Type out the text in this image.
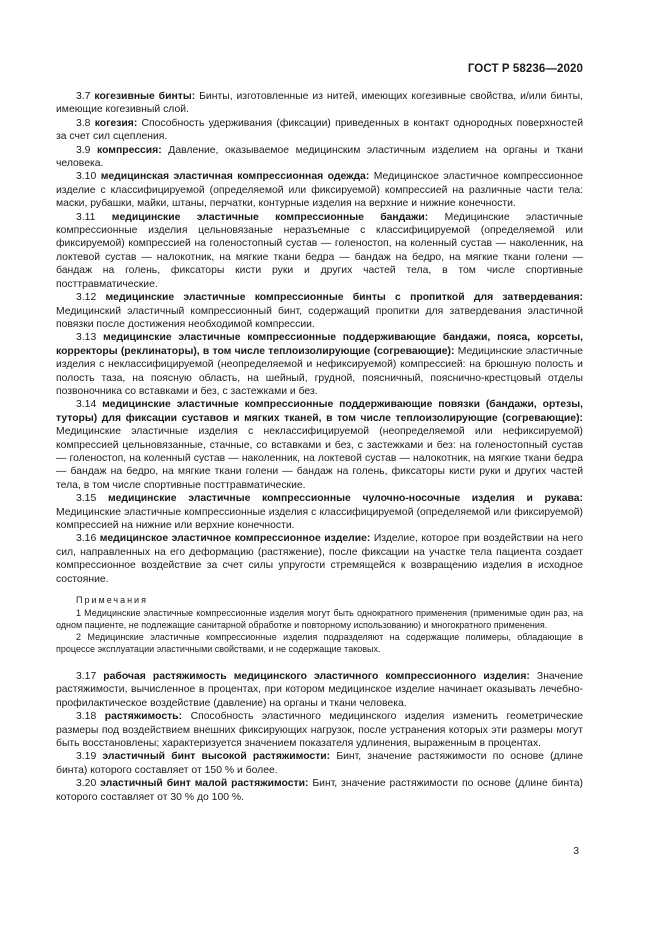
ГОСТ Р 58236—2020

3.7 когезивные бинты: Бинты, изготовленные из нитей, имеющих когезивные свойства, и/или бинты, имеющие когезивный слой.

3.8 когезия: Способность удерживания (фиксации) приведенных в контакт однородных поверхностей за счет сил сцепления.

3.9 компрессия: Давление, оказываемое медицинским эластичным изделием на органы и ткани человека.

3.10 медицинская эластичная компрессионная одежда: Медицинское эластичное компрессионное изделие с классифицируемой (определяемой или фиксируемой) компрессией на различные части тела: маски, рубашки, майки, штаны, перчатки, контурные изделия на верхние и нижние конечности.

3.11 медицинские эластичные компрессионные бандажи: Медицинские эластичные компрессионные изделия цельновязаные неразъемные с классифицируемой (определяемой или фиксируемой) компрессией на голеностопный сустав — голеностоп, на коленный сустав — наколенник, на локтевой сустав — налокотник, на мягкие ткани бедра — бандаж на бедро, на мягкие ткани голени — бандаж на голень, фиксаторы кисти руки и других частей тела, в том числе спортивные посттравматические.

3.12 медицинские эластичные компрессионные бинты с пропиткой для затвердевания: Медицинский эластичный компрессионный бинт, содержащий пропитки для затвердевания эластичной повязки после достижения необходимой компрессии.

3.13 медицинские эластичные компрессионные поддерживающие бандажи, пояса, корсеты, корректоры (реклинаторы), в том числе теплоизолирующие (согревающие): Медицинские эластичные изделия с неклассифицируемой (неопределяемой и нефиксируемой) компрессией: на брюшную полость и полость таза, на поясную область, на шейный, грудной, поясничный, пояснично-крестцовый отделы позвоночника со вставками и без, с застежками и без.

3.14 медицинские эластичные компрессионные поддерживающие повязки (бандажи, ортезы, туторы) для фиксации суставов и мягких тканей, в том числе теплоизолирующие (согревающие): Медицинские эластичные изделия с неклассифицируемой (неопределяемой или нефиксируемой) компрессией цельновязанные, стачные, со вставками и без, с застежками и без: на голеностопный сустав — голеностоп, на коленный сустав — наколенник, на локтевой сустав — налокотник, на мягкие ткани бедра — бандаж на бедро, на мягкие ткани голени — бандаж на голень, фиксаторы кисти руки и других частей тела, в том числе спортивные посттравматические.

3.15 медицинские эластичные компрессионные чулочно-носочные изделия и рукава: Медицинские эластичные компрессионные изделия с классифицируемой (определяемой или фиксируемой) компрессией на нижние или верхние конечности.

3.16 медицинское эластичное компрессионное изделие: Изделие, которое при воздействии на него сил, направленных на его деформацию (растяжение), после фиксации на участке тела пациента создает компрессионное воздействие за счет силы упругости стремящейся к возвращению изделия в исходное состояние.

Примечания

1 Медицинские эластичные компрессионные изделия могут быть однократного применения (применимые один раз, на одном пациенте, не подлежащие санитарной обработке и повторному использованию) и многократного применения.

2 Медицинские эластичные компрессионные изделия подразделяют на содержащие полимеры, обладающие в процессе эксплуатации эластичными свойствами, и не содержащие таковых.

3.17 рабочая растяжимость медицинского эластичного компрессионного изделия: Значение растяжимости, вычисленное в процентах, при котором медицинское изделие начинает оказывать лечебно-профилактическое воздействие (давление) на органы и ткани человека.

3.18 растяжимость: Способность эластичного медицинского изделия изменить геометрические размеры под воздействием внешних фиксирующих нагрузок, после устранения которых эти размеры могут быть восстановлены; характеризуется значением показателя удлинения, выраженным в процентах.

3.19 эластичный бинт высокой растяжимости: Бинт, значение растяжимости по основе (длине бинта) которого составляет от 150 % и более.

3.20 эластичный бинт малой растяжимости: Бинт, значение растяжимости по основе (длине бинта) которого составляет от 30 % до 100 %.

3
